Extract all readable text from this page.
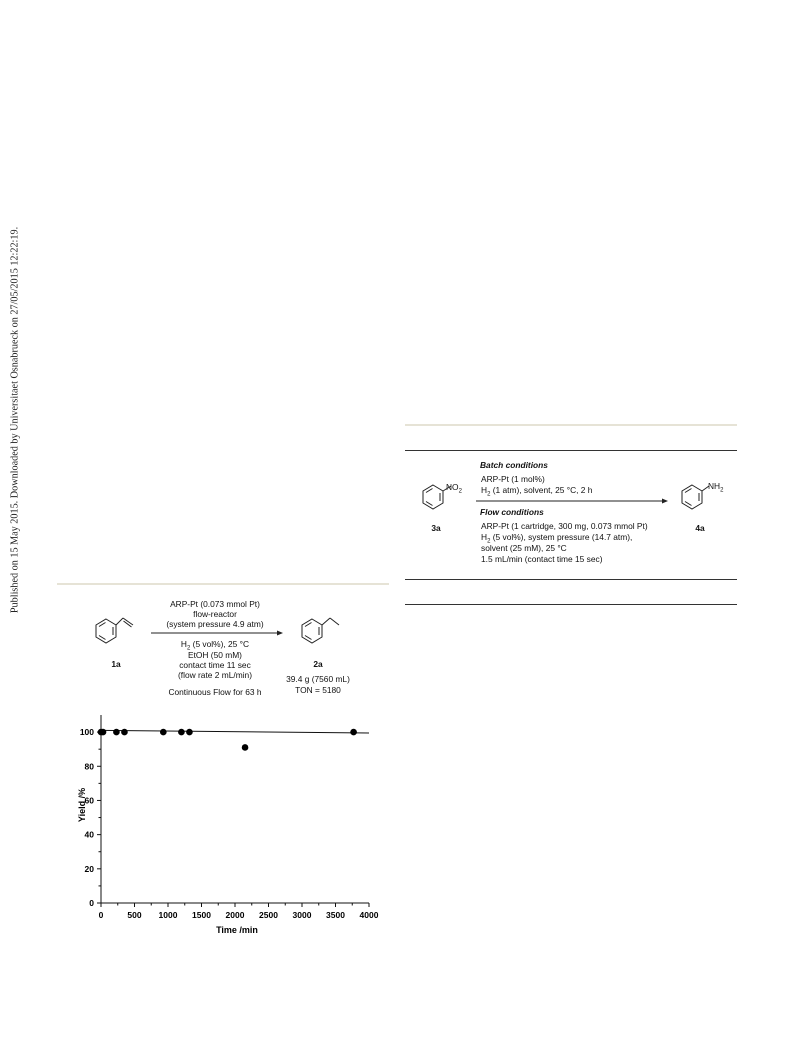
Published on 15 May 2015. Downloaded by Universitaet Osnabrueck on 27/05/2015 12:22:19.	$NO_2$
3a
Batch conditions
ARP-Pt (1 mol%)
$H_2$ (1 atm), solvent, 25 °C, 2 h
Flow conditions
ARP-Pt (1 cartridge, 300 mg, 0.073 mmol Pt)
$H_2$ (5 vol%), system pressure (14.7 atm),
solvent (25 mM), 25 °C
1.5 mL/min (contact time 15 sec)
$NH_2$
4a
1a
ARP-Pt (0.073 mmol Pt)
flow-reactor
(system pressure 4.9 atm)
$H_2$ (5 vol%), 25 °C
EtOH (50 mM)
contact time 11 sec
(flow rate 2 mL/min)
Continuous Flow for 63 h
2a
39.4 g (7560 mL)
TON = 5180
0	500 1000 1500 2000 2500 3000 3500 4000
0
20
40
60
80
100
Time /min
Yield /%
